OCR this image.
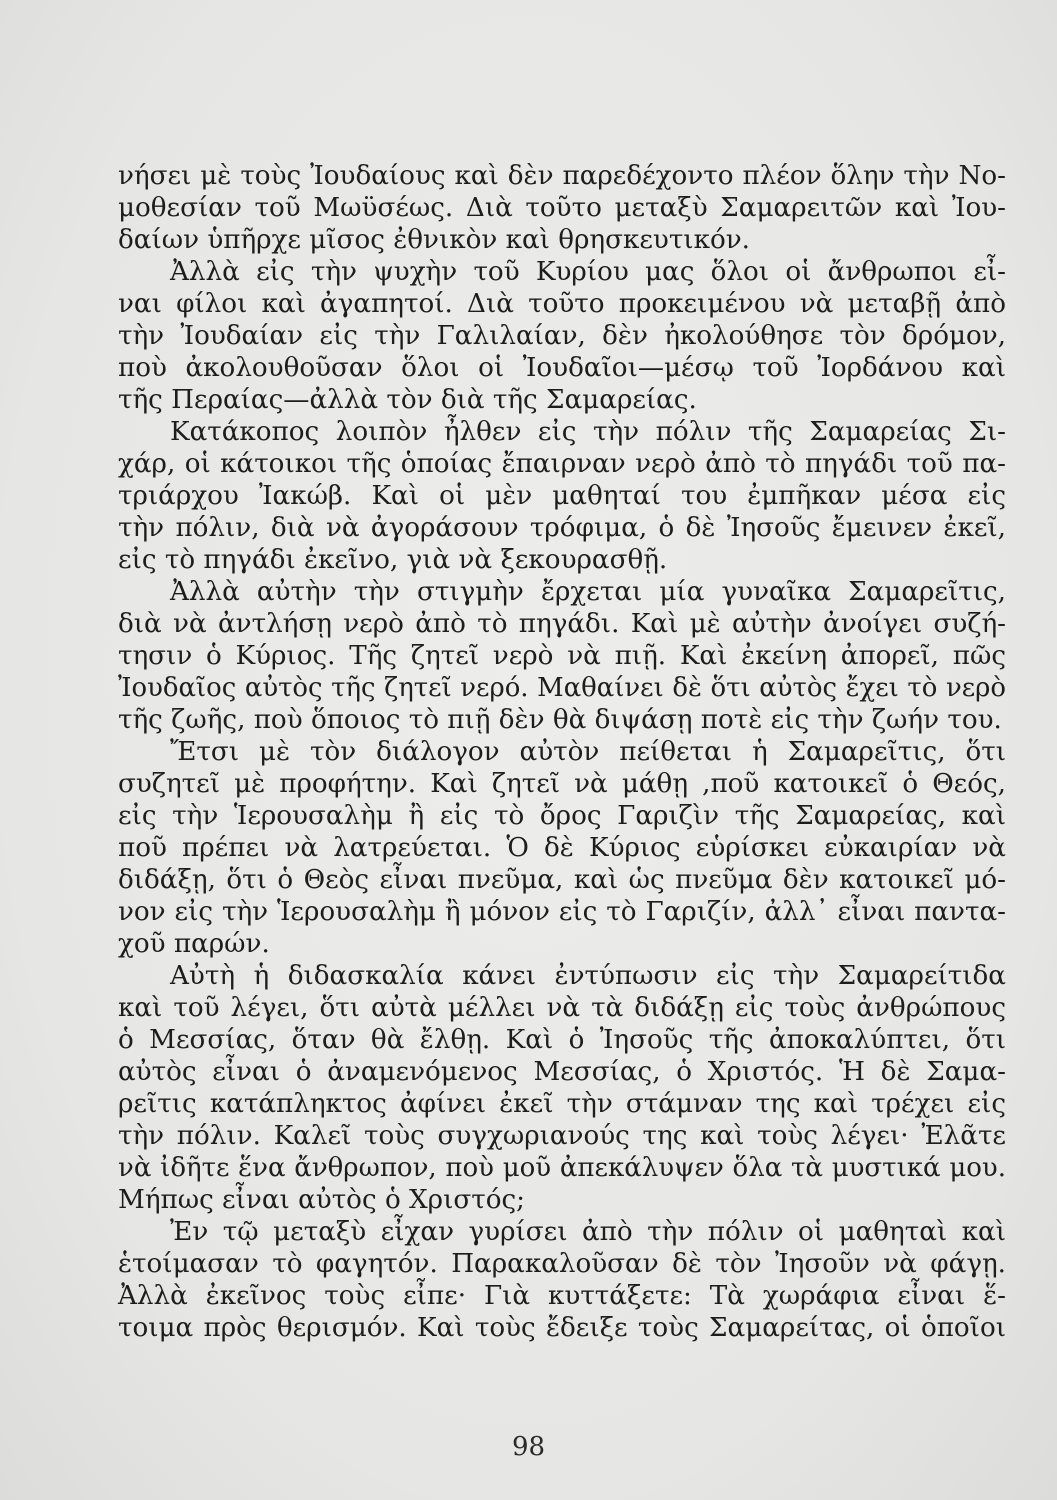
νήσει μὲ τοὺς Ἰουδαίους καὶ δὲν παρεδέχοντο πλέον ὅλην τὴν Νο-
μοθεσίαν τοῦ Μωϋσέως. Διὰ τοῦτο μεταξὺ Σαμαρειτῶν καὶ Ἰου-
δαίων ὑπῆρχε μῖσος ἐθνικὸν καὶ θρησκευτικόν.
Ἀλλὰ εἰς τὴν ψυχὴν τοῦ Κυρίου μας ὅλοι οἱ ἄνθρωποι εἶ-
ναι φίλοι καὶ ἀγαπητοί. Διὰ τοῦτο προκειμένου νὰ μεταβῇ ἀπὸ
τὴν Ἰουδαίαν εἰς τὴν Γαλιλαίαν, δὲν ἠκολούθησε τὸν δρόμον,
ποὺ ἀκολουθοῦσαν ὅλοι οἱ Ἰουδαῖοι—μέσῳ τοῦ Ἰορδάνου καὶ
τῆς Περαίας—ἀλλὰ τὸν διὰ τῆς Σαμαρείας.
Κατάκοπος λοιπὸν ἦλθεν εἰς τὴν πόλιν τῆς Σαμαρείας Σι-
χάρ, οἱ κάτοικοι τῆς ὁποίας ἔπαιρναν νερὸ ἀπὸ τὸ πηγάδι τοῦ πα-
τριάρχου Ἰακώβ. Καὶ οἱ μὲν μαθηταί του ἐμπῆκαν μέσα εἰς
τὴν πόλιν, διὰ νὰ ἀγοράσουν τρόφιμα, ὁ δὲ Ἰησοῦς ἔμεινεν ἐκεῖ,
εἰς τὸ πηγάδι ἐκεῖνο, γιὰ νὰ ξεκουρασθῇ.
Ἀλλὰ αὐτὴν τὴν στιγμὴν ἔρχεται μία γυναῖκα Σαμαρεῖτις,
διὰ νὰ ἀντλήσῃ νερὸ ἀπὸ τὸ πηγάδι. Καὶ μὲ αὐτὴν ἀνοίγει συζή-
τησιν ὁ Κύριος. Τῆς ζητεῖ νερὸ νὰ πιῇ. Καὶ ἐκείνη ἀπορεῖ, πῶς
Ἰουδαῖος αὐτὸς τῆς ζητεῖ νερό. Μαθαίνει δὲ ὅτι αὐτὸς ἔχει τὸ νερὸ
τῆς ζωῆς, ποὺ ὅποιος τὸ πιῇ δὲν θὰ διψάσῃ ποτὲ εἰς τὴν ζωήν του.
Ἔτσι μὲ τὸν διάλογον αὐτὸν πείθεται ἡ Σαμαρεῖτις, ὅτι
συζητεῖ μὲ προφήτην. Καὶ ζητεῖ νὰ μάθῃ ,ποῦ κατοικεῖ ὁ Θεός,
εἰς τὴν Ἱερουσαλὴμ ἢ εἰς τὸ ὄρος Γαριζὶν τῆς Σαμαρείας, καὶ
ποῦ πρέπει νὰ λατρεύεται. Ὁ δὲ Κύριος εὑρίσκει εὐκαιρίαν νὰ
διδάξῃ, ὅτι ὁ Θεὸς εἶναι πνεῦμα, καὶ ὡς πνεῦμα δὲν κατοικεῖ μό-
νον εἰς τὴν Ἱερουσαλὴμ ἢ μόνον εἰς τὸ Γαριζίν, ἀλλ᾿ εἶναι παντα-
χοῦ παρών.
Αὐτὴ ἡ διδασκαλία κάνει ἐντύπωσιν εἰς τὴν Σαμαρείτιδα
καὶ τοῦ λέγει, ὅτι αὐτὰ μέλλει νὰ τὰ διδάξῃ εἰς τοὺς ἀνθρώπους
ὁ Μεσσίας, ὅταν θὰ ἔλθῃ. Καὶ ὁ Ἰησοῦς τῆς ἀποκαλύπτει, ὅτι
αὐτὸς εἶναι ὁ ἀναμενόμενος Μεσσίας, ὁ Χριστός. Ἡ δὲ Σαμα-
ρεῖτις κατάπληκτος ἀφίνει ἐκεῖ τὴν στάμναν της καὶ τρέχει εἰς
τὴν πόλιν. Καλεῖ τοὺς συγχωριανούς της καὶ τοὺς λέγει· Ἐλᾶτε
νὰ ἰδῆτε ἕνα ἄνθρωπον, ποὺ μοῦ ἀπεκάλυψεν ὅλα τὰ μυστικά μου.
Μήπως εἶναι αὐτὸς ὁ Χριστός;
Ἐν τῷ μεταξὺ εἶχαν γυρίσει ἀπὸ τὴν πόλιν οἱ μαθηταὶ καὶ
ἑτοίμασαν τὸ φαγητόν. Παρακαλοῦσαν δὲ τὸν Ἰησοῦν νὰ φάγῃ.
Ἀλλὰ ἐκεῖνος τοὺς εἶπε· Γιὰ κυττάξετε: Τὰ χωράφια εἶναι ἕ-
τοιμα πρὸς θερισμόν. Καὶ τοὺς ἔδειξε τοὺς Σαμαρείτας, οἱ ὁποῖοι
98
